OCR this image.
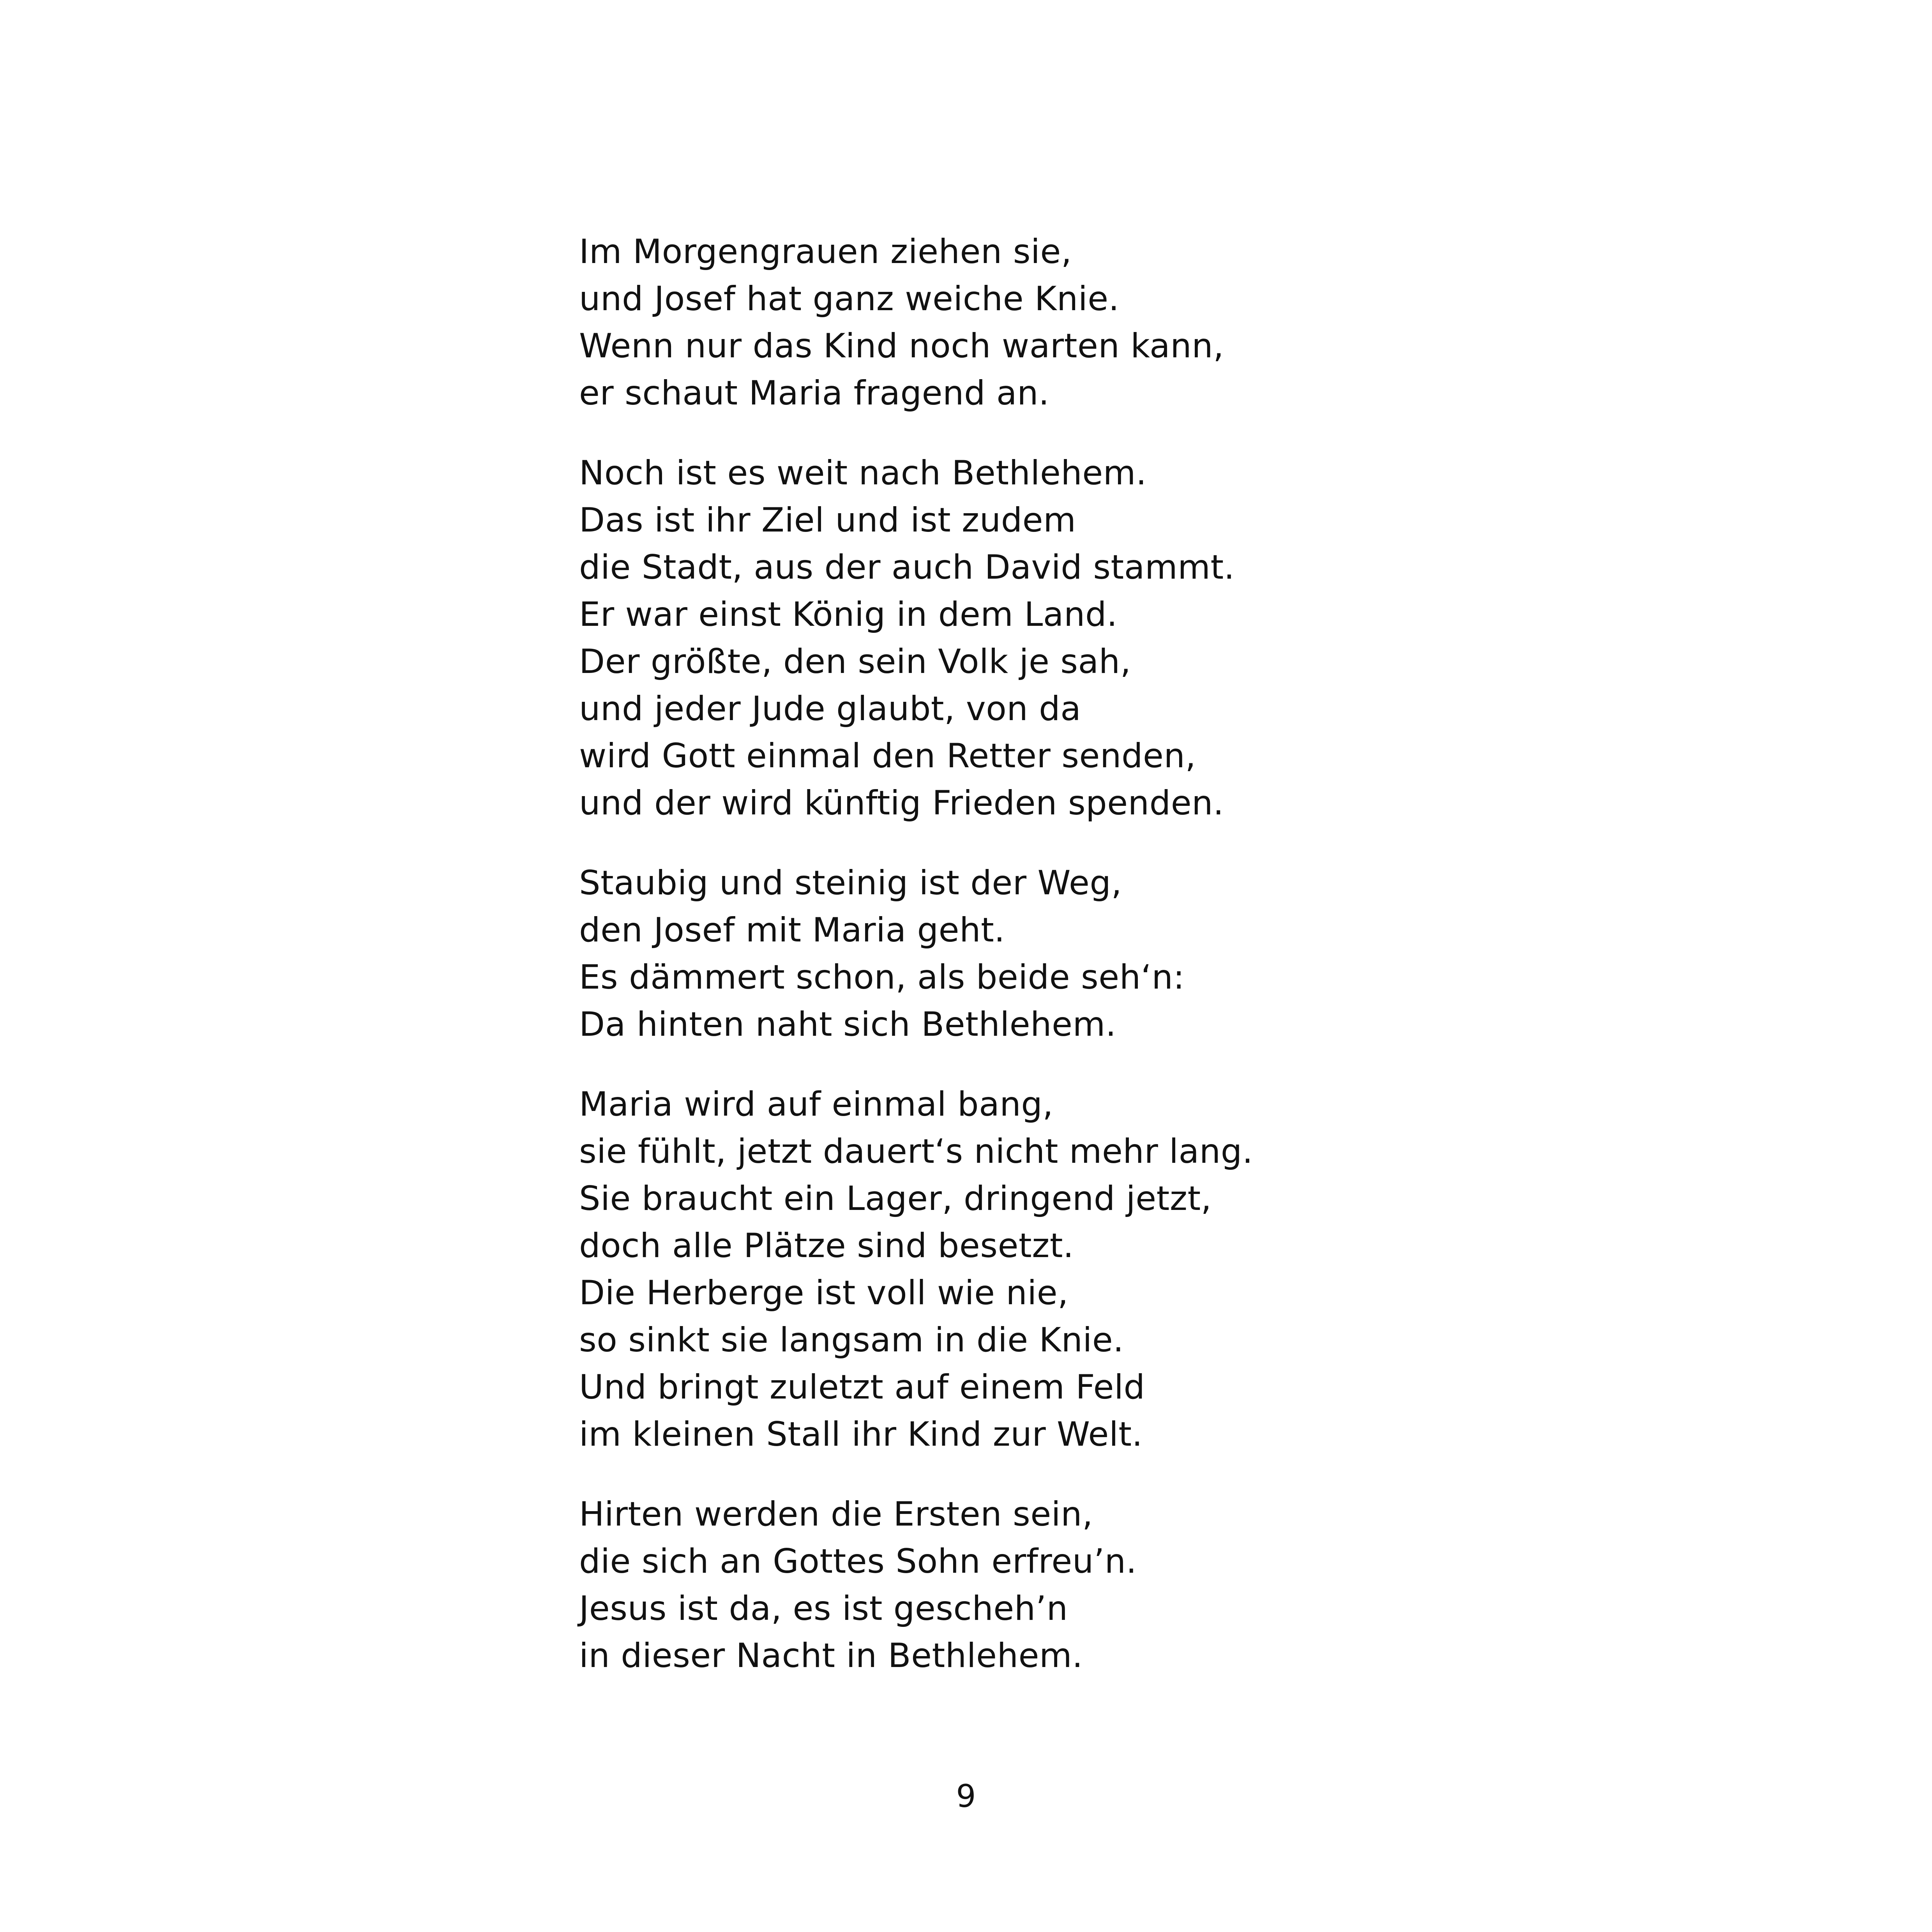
Im Morgengrauen ziehen sie,
und Josef hat ganz weiche Knie.
Wenn nur das Kind noch warten kann,
er schaut Maria fragend an.
Noch ist es weit nach Bethlehem.
Das ist ihr Ziel und ist zudem
die Stadt, aus der auch David stammt.
Er war einst König in dem Land.
Der größte, den sein Volk je sah,
und jeder Jude glaubt, von da
wird Gott einmal den Retter senden,
und der wird künftig Frieden spenden.
Staubig und steinig ist der Weg,
den Josef mit Maria geht.
Es dämmert schon, als beide seh‘n:
Da hinten naht sich Bethlehem.
Maria wird auf einmal bang,
sie fühlt, jetzt dauert‘s nicht mehr lang.
Sie braucht ein Lager, dringend jetzt,
doch alle Plätze sind besetzt.
Die Herberge ist voll wie nie,
so sinkt sie langsam in die Knie.
Und bringt zuletzt auf einem Feld
im kleinen Stall ihr Kind zur Welt.
Hirten werden die Ersten sein,
die sich an Gottes Sohn erfreu’n.
Jesus ist da, es ist gescheh’n
in dieser Nacht in Bethlehem.
9
